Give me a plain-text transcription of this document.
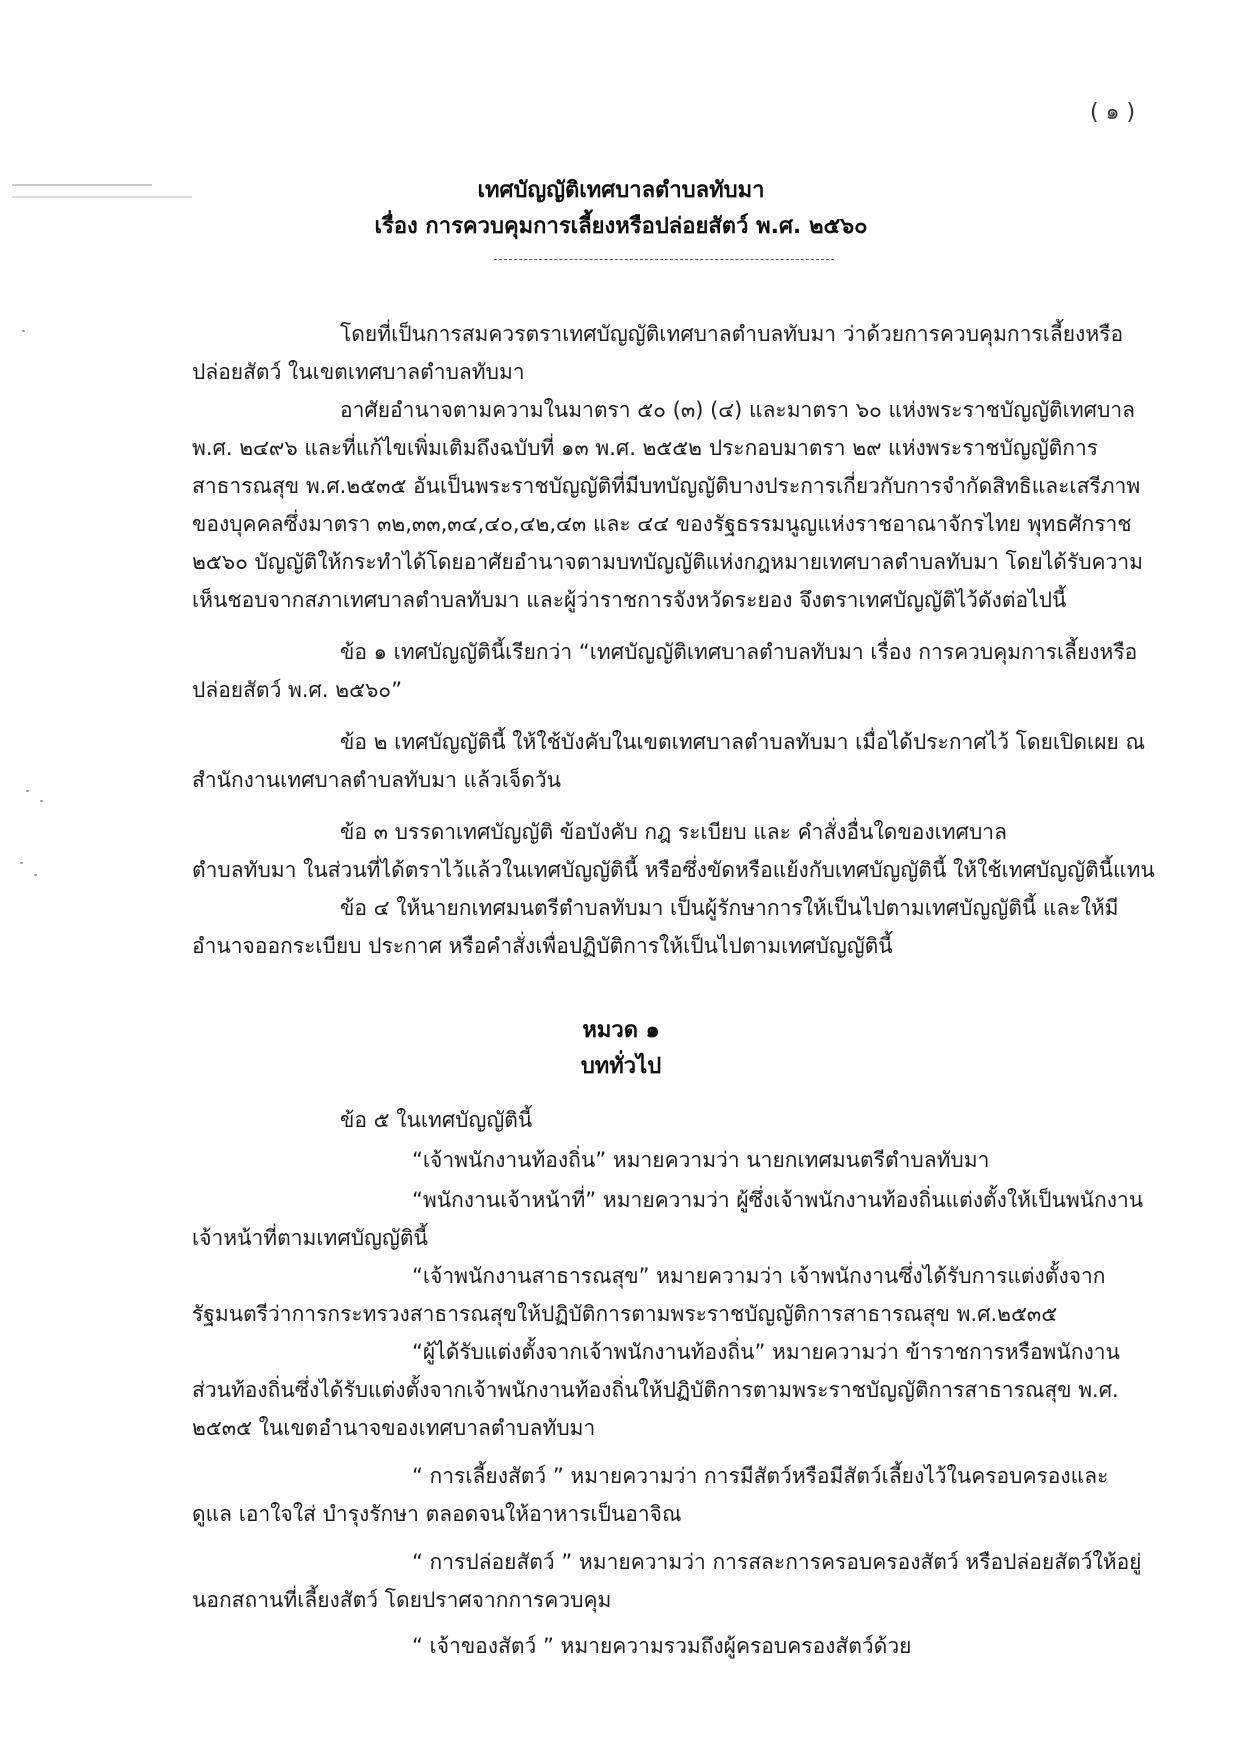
( ๑ )
เทศบัญญัติเทศบาลตำบลทับมา
เรื่อง การควบคุมการเลี้ยงหรือปล่อยสัตว์ พ.ศ. ๒๕๖๐
โดยที่เป็นการสมควรตราเทศบัญญัติเทศบาลตำบลทับมา ว่าด้วยการควบคุมการเลี้ยงหรือ
ปล่อยสัตว์ ในเขตเทศบาลตำบลทับมา
อาศัยอำนาจตามความในมาตรา ๕๐ (๓) (๔) และมาตรา ๖๐ แห่งพระราชบัญญัติเทศบาล
พ.ศ. ๒๔๙๖ และที่แก้ไขเพิ่มเติมถึงฉบับที่ ๑๓ พ.ศ. ๒๕๕๒ ประกอบมาตรา ๒๙ แห่งพระราชบัญญัติการ
สาธารณสุข พ.ศ.๒๕๓๕ อันเป็นพระราชบัญญัติที่มีบทบัญญัติบางประการเกี่ยวกับการจำกัดสิทธิและเสรีภาพ
ของบุคคลซึ่งมาตรา ๓๒,๓๓,๓๔,๔๐,๔๒,๔๓ และ ๔๔ ของรัฐธรรมนูญแห่งราชอาณาจักรไทย พุทธศักราช
๒๕๖๐ บัญญัติให้กระทำได้โดยอาศัยอำนาจตามบทบัญญัติแห่งกฎหมายเทศบาลตำบลทับมา โดยได้รับความ
เห็นชอบจากสภาเทศบาลตำบลทับมา และผู้ว่าราชการจังหวัดระยอง จึงตราเทศบัญญัติไว้ดังต่อไปนี้
ข้อ ๑ เทศบัญญัตินี้เรียกว่า “เทศบัญญัติเทศบาลตำบลทับมา เรื่อง การควบคุมการเลี้ยงหรือ
ปล่อยสัตว์ พ.ศ. ๒๕๖๐”
ข้อ ๒ เทศบัญญัตินี้ ให้ใช้บังคับในเขตเทศบาลตำบลทับมา เมื่อได้ประกาศไว้ โดยเปิดเผย ณ
สำนักงานเทศบาลตำบลทับมา แล้วเจ็ดวัน
ข้อ ๓ บรรดาเทศบัญญัติ ข้อบังคับ กฎ ระเบียบ และ คำสั่งอื่นใดของเทศบาล
ตำบลทับมา ในส่วนที่ได้ตราไว้แล้วในเทศบัญญัตินี้ หรือซึ่งขัดหรือแย้งกับเทศบัญญัตินี้ ให้ใช้เทศบัญญัตินี้แทน
ข้อ ๔ ให้นายกเทศมนตรีตำบลทับมา เป็นผู้รักษาการให้เป็นไปตามเทศบัญญัตินี้ และให้มี
อำนาจออกระเบียบ ประกาศ หรือคำสั่งเพื่อปฏิบัติการให้เป็นไปตามเทศบัญญัตินี้
หมวด ๑
บททั่วไป
ข้อ ๕ ในเทศบัญญัตินี้
“เจ้าพนักงานท้องถิ่น” หมายความว่า นายกเทศมนตรีตำบลทับมา
“พนักงานเจ้าหน้าที่” หมายความว่า ผู้ซึ่งเจ้าพนักงานท้องถิ่นแต่งตั้งให้เป็นพนักงาน
เจ้าหน้าที่ตามเทศบัญญัตินี้
“เจ้าพนักงานสาธารณสุข” หมายความว่า เจ้าพนักงานซึ่งได้รับการแต่งตั้งจาก
รัฐมนตรีว่าการกระทรวงสาธารณสุขให้ปฏิบัติการตามพระราชบัญญัติการสาธารณสุข พ.ศ.๒๕๓๕
“ผู้ได้รับแต่งตั้งจากเจ้าพนักงานท้องถิ่น” หมายความว่า ข้าราชการหรือพนักงาน
ส่วนท้องถิ่นซึ่งได้รับแต่งตั้งจากเจ้าพนักงานท้องถิ่นให้ปฏิบัติการตามพระราชบัญญัติการสาธารณสุข พ.ศ.
๒๕๓๕ ในเขตอำนาจของเทศบาลตำบลทับมา
“ การเลี้ยงสัตว์ ” หมายความว่า การมีสัตว์หรือมีสัตว์เลี้ยงไว้ในครอบครองและ
ดูแล เอาใจใส่ บำรุงรักษา ตลอดจนให้อาหารเป็นอาจิณ
“ การปล่อยสัตว์ ” หมายความว่า การสละการครอบครองสัตว์ หรือปล่อยสัตว์ให้อยู่
นอกสถานที่เลี้ยงสัตว์ โดยปราศจากการควบคุม
“ เจ้าของสัตว์ ” หมายความรวมถึงผู้ครอบครองสัตว์ด้วย
